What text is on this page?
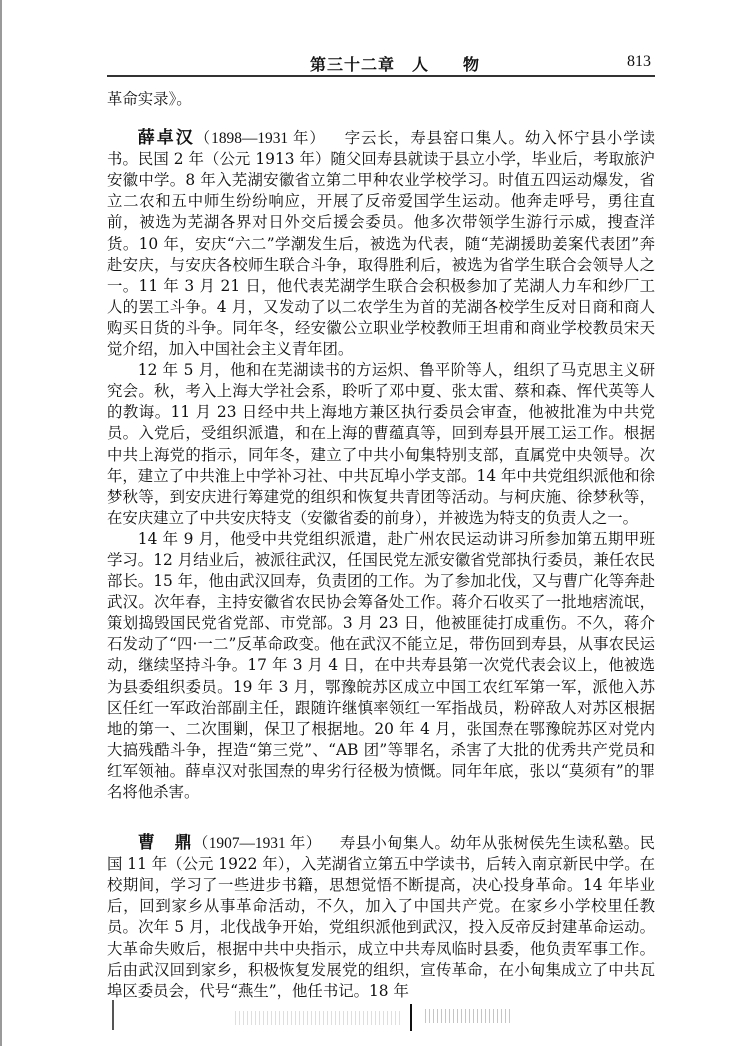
第三十二章　人　　物	813

革命实录》。

薛卓汉（1898—1931 年） 字云长，寿县窑口集人。幼入怀宁县小学读书。民国 2 年（公元 1913 年）随父回寿县就读于县立小学，毕业后，考取旅沪安徽中学。8 年入芜湖安徽省立第二甲种农业学校学习。时值五四运动爆发，省立二农和五中师生纷纷响应，开展了反帝爱国学生运动。他奔走呼号，勇往直前，被选为芜湖各界对日外交后援会委员。他多次带领学生游行示威，搜查洋货。10 年，安庆“六二”学潮发生后，被选为代表，随“芜湖援助姜案代表团”奔赴安庆，与安庆各校师生联合斗争，取得胜利后，被选为省学生联合会领导人之一。11 年 3 月 21 日，他代表芜湖学生联合会积极参加了芜湖人力车和纱厂工人的罢工斗争。4 月，又发动了以二农学生为首的芜湖各校学生反对日商和商人购买日货的斗争。同年冬，经安徽公立职业学校教师王坦甫和商业学校教员宋天觉介绍，加入中国社会主义青年团。

12 年 5 月，他和在芜湖读书的方运炽、鲁平阶等人，组织了马克思主义研究会。秋，考入上海大学社会系，聆听了邓中夏、张太雷、蔡和森、恽代英等人的教诲。11 月 23 日经中共上海地方兼区执行委员会审查，他被批准为中共党员。入党后，受组织派遣，和在上海的曹蕴真等，回到寿县开展工运工作。根据中共上海党的指示，同年冬，建立了中共小甸集特别支部，直属党中央领导。次年，建立了中共淮上中学补习社、中共瓦埠小学支部。14 年中共党组织派他和徐梦秋等，到安庆进行筹建党的组织和恢复共青团等活动。与柯庆施、徐梦秋等，在安庆建立了中共安庆特支（安徽省委的前身），并被选为特支的负责人之一。

14 年 9 月，他受中共党组织派遣，赴广州农民运动讲习所参加第五期甲班学习。12 月结业后，被派往武汉，任国民党左派安徽省党部执行委员，兼任农民部长。15 年，他由武汉回寿，负责团的工作。为了参加北伐，又与曹广化等奔赴武汉。次年春，主持安徽省农民协会筹备处工作。蒋介石收买了一批地痞流氓，策划捣毁国民党省党部、市党部。3 月 23 日，他被匪徒打成重伤。不久，蒋介石发动了“四·一二”反革命政变。他在武汉不能立足，带伤回到寿县，从事农民运动，继续坚持斗争。17 年 3 月 4 日，在中共寿县第一次党代表会议上，他被选为县委组织委员。19 年 3 月，鄂豫皖苏区成立中国工农红军第一军，派他入苏区任红一军政治部副主任，跟随许继慎率领红一军指战员，粉碎敌人对苏区根据地的第一、二次围剿，保卫了根据地。20 年 4 月，张国焘在鄂豫皖苏区对党内大搞残酷斗争，捏造“第三党”、“AB 团”等罪名，杀害了大批的优秀共产党员和红军领袖。薛卓汉对张国焘的卑劣行径极为愤慨。同年年底，张以“莫须有”的罪名将他杀害。

曹　鼎（1907—1931 年） 寿县小甸集人。幼年从张树侯先生读私塾。民国 11 年（公元 1922 年），入芜湖省立第五中学读书，后转入南京新民中学。在校期间，学习了一些进步书籍，思想觉悟不断提高，决心投身革命。14 年毕业后，回到家乡从事革命活动，不久，加入了中国共产党。在家乡小学校里任教员。次年 5 月，北伐战争开始，党组织派他到武汉，投入反帝反封建革命运动。大革命失败后，根据中共中央指示，成立中共寿凤临时县委，他负责军事工作。后由武汉回到家乡，积极恢复发展党的组织，宣传革命，在小甸集成立了中共瓦埠区委员会，代号“燕生”，他任书记。18 年
